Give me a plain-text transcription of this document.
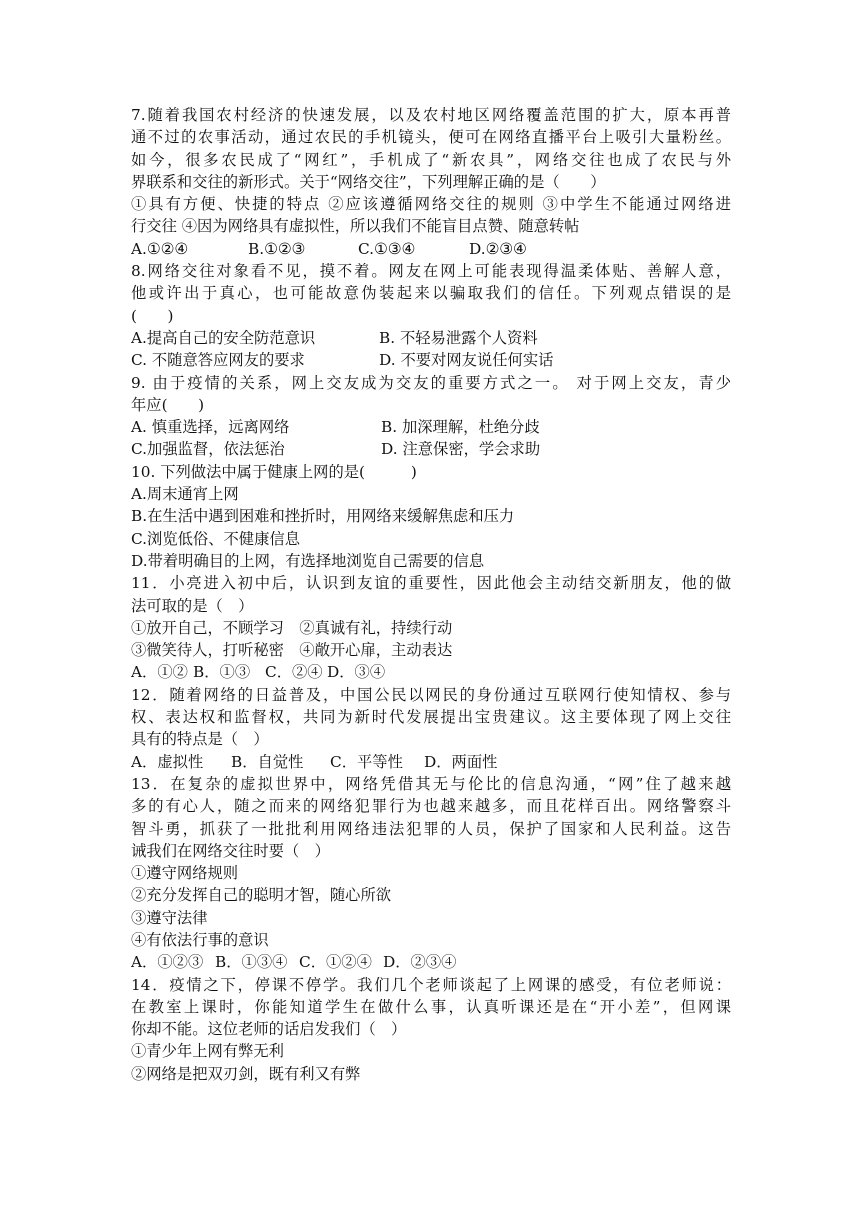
7.随着我国农村经济的快速发展，以及农村地区网络覆盖范围的扩大，原本再普
通不过的农事活动，通过农民的手机镜头，便可在网络直播平台上吸引大量粉丝。
如今，很多农民成了“网红”，手机成了“新农具”，网络交往也成了农民与外
界联系和交往的新形式。关于“网络交往”，下列理解正确的是（　　）
①具有方便、快捷的特点 ②应该遵循网络交往的规则 ③中学生不能通过网络进
行交往 ④因为网络具有虚拟性，所以我们不能盲目点赞、随意转帖
A.①②④	B.①②③	C.①③④	D.②③④
8.网络交往对象看不见，摸不着。网友在网上可能表现得温柔体贴、善解人意，
他或许出于真心，也可能故意伪装起来以骗取我们的信任。下列观点错误的是
(　　)
A.提高自己的安全防范意识	B. 不轻易泄露个人资料
C. 不随意答应网友的要求	D. 不要对网友说任何实话
9. 由于疫情的关系，网上交友成为交友的重要方式之一。 对于网上交友，青少
年应(　　)
A. 慎重选择，远离网络	B. 加深理解，杜绝分歧
C.加强监督，依法惩治	D. 注意保密，学会求助
10. 下列做法中属于健康上网的是(　　　)
A.周末通宵上网
B.在生活中遇到困难和挫折时，用网络来缓解焦虑和压力
C.浏览低俗、不健康信息
D.带着明确目的上网，有选择地浏览自己需要的信息
11．小亮进入初中后，认识到友谊的重要性，因此他会主动结交新朋友，他的做
法可取的是（　）
①放开自己，不顾学习　②真诚有礼，持续行动
③微笑待人，打听秘密　④敞开心扉，主动表达
A．①② B．①③ C．②④ D．③④
12．随着网络的日益普及，中国公民以网民的身份通过互联网行使知情权、参与
权、表达权和监督权，共同为新时代发展提出宝贵建议。这主要体现了网上交往
具有的特点是（　）
A．虚拟性	B．自觉性	C．平等性	D．两面性
13．在复杂的虚拟世界中，网络凭借其无与伦比的信息沟通，“网”住了越来越
多的有心人，随之而来的网络犯罪行为也越来越多，而且花样百出。网络警察斗
智斗勇，抓获了一批批利用网络违法犯罪的人员，保护了国家和人民利益。这告
诫我们在网络交往时要（　）
①遵守网络规则
②充分发挥自己的聪明才智，随心所欲
③遵守法律
④有依法行事的意识
A．①②③ B．①③④ C．①②④ D．②③④
14．疫情之下，停课不停学。我们几个老师谈起了上网课的感受，有位老师说：
在教室上课时，你能知道学生在做什么事，认真听课还是在“开小差”，但网课
你却不能。这位老师的话启发我们（　）
①青少年上网有弊无利
②网络是把双刃剑，既有利又有弊
